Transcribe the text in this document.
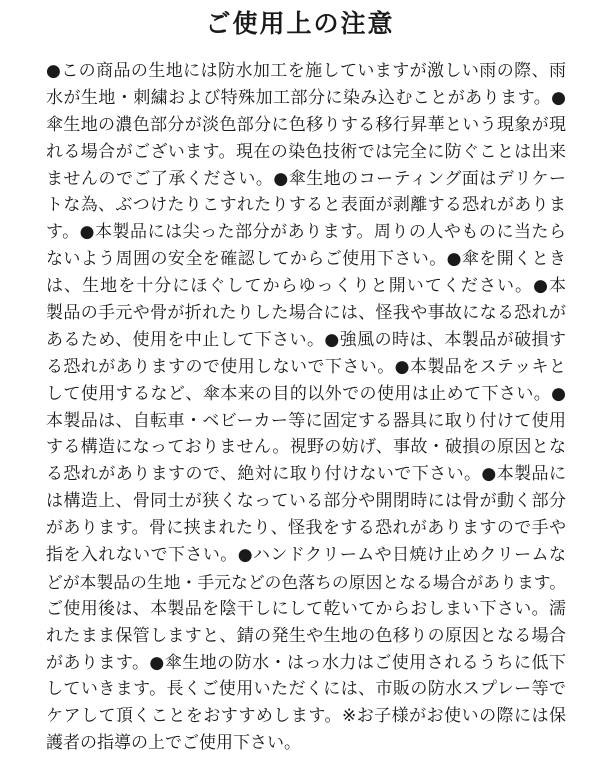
ご使用上の注意
●この商品の生地には防水加工を施していますが激しい雨の際、雨
水が生地・刺繍および特殊加工部分に染み込むことがあります。●
傘生地の濃色部分が淡色部分に色移りする移行昇華という現象が現
れる場合がございます。現在の染色技術では完全に防ぐことは出来
ませんのでご了承ください。●傘生地のコーティング面はデリケー
トな為、ぶつけたりこすれたりすると表面が剥離する恐れがありま
す。●本製品には尖った部分があります。周りの人やものに当たら
ないよう周囲の安全を確認してからご使用下さい。●傘を開くとき
は、生地を十分にほぐしてからゆっくりと開いてください。●本
製品の手元や骨が折れたりした場合には、怪我や事故になる恐れが
あるため、使用を中止して下さい。●強風の時は、本製品が破損す
る恐れがありますので使用しないで下さい。●本製品をステッキと
して使用するなど、傘本来の目的以外での使用は止めて下さい。●
本製品は、自転車・ベビーカー等に固定する器具に取り付けて使用
する構造になっておりません。視野の妨げ、事故・破損の原因とな
る恐れがありますので、絶対に取り付けないで下さい。●本製品に
は構造上、骨同士が狭くなっている部分や開閉時には骨が動く部分
があります。骨に挟まれたり、怪我をする恐れがありますので手や
指を入れないで下さい。●ハンドクリームや日焼け止めクリームな
どが本製品の生地・手元などの色落ちの原因となる場合があります。
ご使用後は、本製品を陰干しにして乾いてからおしまい下さい。濡
れたまま保管しますと、錆の発生や生地の色移りの原因となる場合
があります。●傘生地の防水・はっ水力はご使用されるうちに低下
していきます。長くご使用いただくには、市販の防水スプレー等で
ケアして頂くことをおすすめします。※お子様がお使いの際には保
護者の指導の上でご使用下さい。
